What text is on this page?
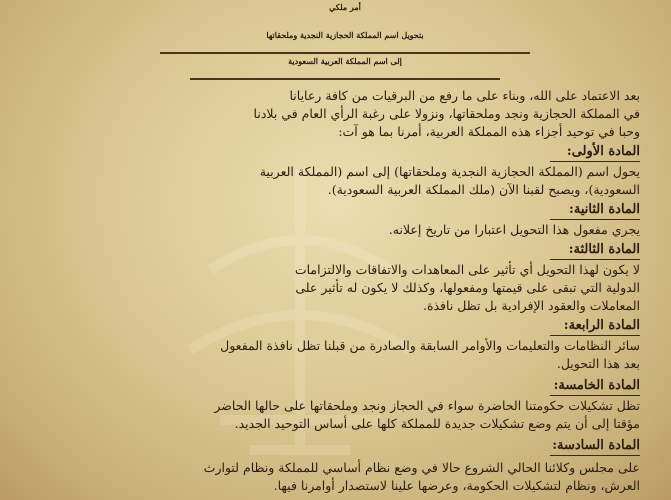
أمر ملكي
بتحويل اسم المملكة الحجازية النجدية وملحقاتها
إلى اسم المملكة العربية السعودية
بعد الاعتماد على الله، وبناء على ما رفع من البرقيات من كافة رعايانا
في المملكة الحجازية ونجد وملحقاتها، ونزولا على رغبة الرأي العام في بلادنا
وحبا في توحيد أجزاء هذه المملكة العربية، أمرنا بما هو آت:
المادة الأولى:
يحول اسم (المملكة الحجازية النجدية وملحقاتها) إلى اسم (المملكة العربية
السعودية)، ويصبح لقبنا الآن (ملك المملكة العربية السعودية).
المادة الثانية:
يجري مفعول هذا التحويل اعتبارا من تاريخ إعلانه.
المادة الثالثة:
لا يكون لهذا التحويل أي تأثير على المعاهدات والاتفاقات والالتزامات
الدولية التي تبقى على قيمتها ومفعولها، وكذلك لا يكون له تأثير على
المعاملات والعقود الإفرادية بل تظل نافذة.
المادة الرابعة:
سائر النظامات والتعليمات والأوامر السابقة والصادرة من قبلنا تظل نافذة المفعول
بعد هذا التحويل.
المادة الخامسة:
تظل تشكيلات حكومتنا الحاضرة سواء في الحجاز ونجد وملحقاتها على حالها الحاضر
مؤقتا إلى أن يتم وضع تشكيلات جديدة للمملكة كلها على أساس التوحيد الجديد.
المادة السادسة:
على مجلس وكلائنا الحالي الشروع حالا في وضع نظام أساسي للمملكة ونظام لتوارث
العرش، ونظام لتشكيلات الحكومة، وعرضها علينا لاستصدار أوامرنا فيها.
